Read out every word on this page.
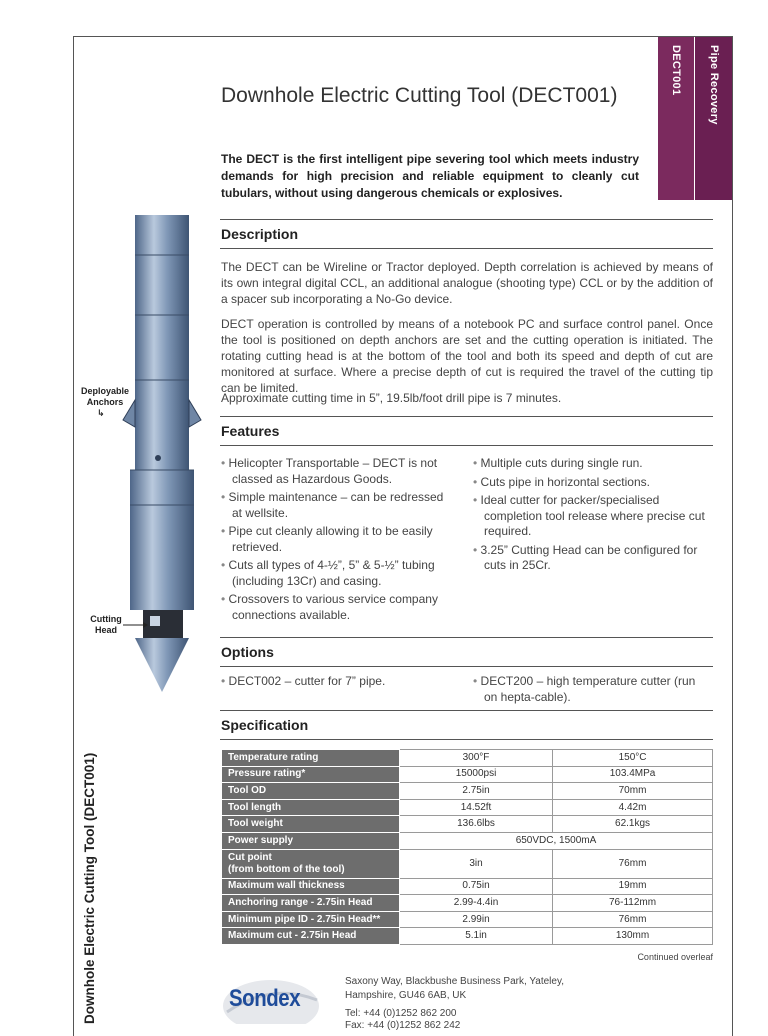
DECT001 Pipe Recovery
Downhole Electric Cutting Tool (DECT001)

The DECT is the first intelligent pipe severing tool which meets industry demands for high precision and reliable equipment to cleanly cut tubulars, without using dangerous chemicals or explosives.

Deployable
Anchors
↳
Cutting
Head
Downhole Electric Cutting Tool (DECT001)
Description

The DECT can be Wireline or Tractor deployed. Depth correlation is achieved by means of its own integral digital CCL, an additional analogue (shooting type) CCL or by the addition of a spacer sub incorporating a No-Go device.

DECT operation is controlled by means of a notebook PC and surface control panel. Once the tool is positioned on depth anchors are set and the cutting operation is initiated. The rotating cutting head is at the bottom of the tool and both its speed and depth of cut are monitored at surface. Where a precise depth of cut is required the travel of the cutting tip can be limited.

Approximate cutting time in 5”, 19.5lb/foot drill pipe is 7 minutes.

Features
• Helicopter Transportable – DECT is not classed as Hazardous Goods.
• Simple maintenance – can be redressed at wellsite.
• Pipe cut cleanly allowing it to be easily retrieved.
• Cuts all types of 4-½”, 5” & 5-½” tubing (including 13Cr) and casing.
• Crossovers to various service company connections available.
• Multiple cuts during single run.
• Cuts pipe in horizontal sections.
• Ideal cutter for packer/specialised completion tool release where precise cut required.
• 3.25” Cutting Head can be configured for cuts in 25Cr.
Options
• DECT002 – cutter for 7” pipe.	• DECT200 – high temperature cutter (run on hepta-cable).
Specification
Temperature rating	300°F	150°C
Pressure rating*	15000psi	103.4MPa
Tool OD	2.75in	70mm
Tool length	14.52ft	4.42m
Tool weight	136.6lbs	62.1kgs
Power supply	650VDC, 1500mA	

Cut point
(from bottom of the tool)	3in	76mm
Maximum wall thickness	0.75in	19mm
Anchoring range - 2.75in Head	2.99-4.4in	76-112mm
Minimum pipe ID - 2.75in Head**	2.99in	76mm
Maximum cut - 2.75in Head	5.1in	130mm

Continued overleaf

Sondex

Saxony Way, Blackbushe Business Park, Yateley,

Hampshire, GU46 6AB, UK

Tel: +44 (0)1252 862 200

Fax: +44 (0)1252 862 242
